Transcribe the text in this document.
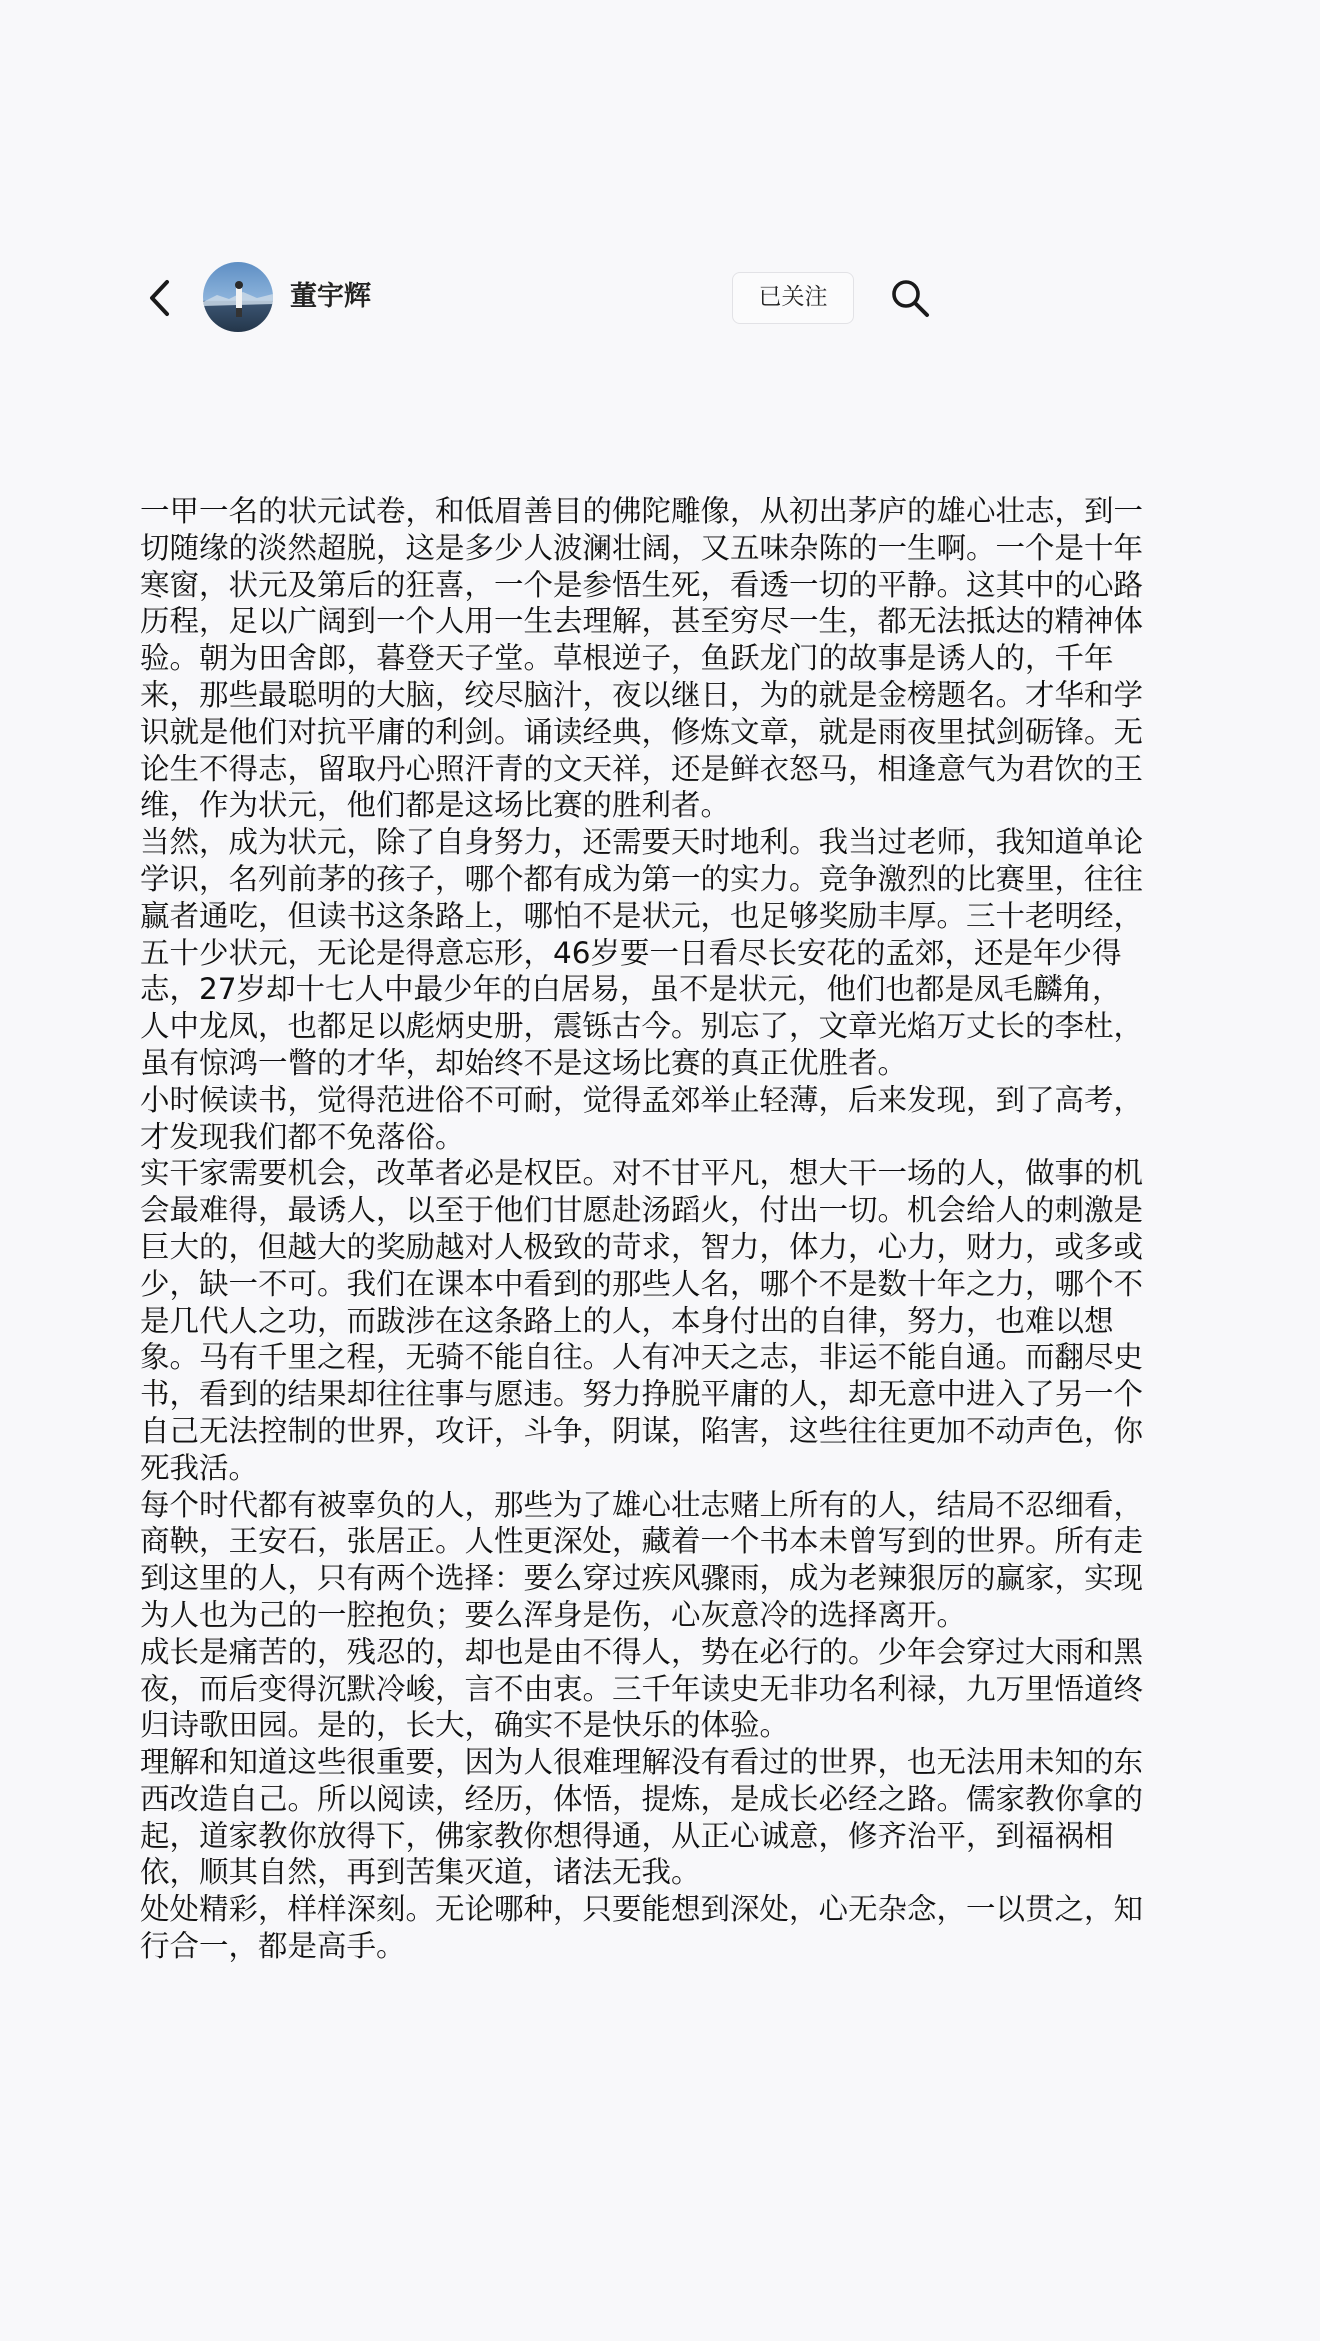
董宇辉	已关注

一甲一名的状元试卷，和低眉善目的佛陀雕像，从初出茅庐的雄心壮志，到一切随缘的淡然超脱，这是多少人波澜壮阔，又五味杂陈的一生啊。一个是十年寒窗，状元及第后的狂喜，一个是参悟生死，看透一切的平静。这其中的心路历程，足以广阔到一个人用一生去理解，甚至穷尽一生，都无法抵达的精神体验。朝为田舍郎，暮登天子堂。草根逆子，鱼跃龙门的故事是诱人的，千年来，那些最聪明的大脑，绞尽脑汁，夜以继日，为的就是金榜题名。才华和学识就是他们对抗平庸的利剑。诵读经典，修炼文章，就是雨夜里拭剑砺锋。无论生不得志，留取丹心照汗青的文天祥，还是鲜衣怒马，相逢意气为君饮的王维，作为状元，他们都是这场比赛的胜利者。

当然，成为状元，除了自身努力，还需要天时地利。我当过老师，我知道单论学识，名列前茅的孩子，哪个都有成为第一的实力。竞争激烈的比赛里，往往赢者通吃，但读书这条路上，哪怕不是状元，也足够奖励丰厚。三十老明经，五十少状元，无论是得意忘形，46岁要一日看尽长安花的孟郊，还是年少得志，27岁却十七人中最少年的白居易，虽不是状元，他们也都是凤毛麟角，人中龙凤，也都足以彪炳史册，震铄古今。别忘了，文章光焰万丈长的李杜，虽有惊鸿一瞥的才华，却始终不是这场比赛的真正优胜者。

小时候读书，觉得范进俗不可耐，觉得孟郊举止轻薄，后来发现，到了高考，才发现我们都不免落俗。

实干家需要机会，改革者必是权臣。对不甘平凡，想大干一场的人，做事的机会最难得，最诱人，以至于他们甘愿赴汤蹈火，付出一切。机会给人的刺激是巨大的，但越大的奖励越对人极致的苛求，智力，体力，心力，财力，或多或少，缺一不可。我们在课本中看到的那些人名，哪个不是数十年之力，哪个不是几代人之功，而跋涉在这条路上的人，本身付出的自律，努力，也难以想象。马有千里之程，无骑不能自往。人有冲天之志，非运不能自通。而翻尽史书，看到的结果却往往事与愿违。努力挣脱平庸的人，却无意中进入了另一个自己无法控制的世界，攻讦，斗争，阴谋，陷害，这些往往更加不动声色，你死我活。

每个时代都有被辜负的人，那些为了雄心壮志赌上所有的人，结局不忍细看，商鞅，王安石，张居正。人性更深处，藏着一个书本未曾写到的世界。所有走到这里的人，只有两个选择：要么穿过疾风骤雨，成为老辣狠厉的赢家，实现为人也为己的一腔抱负；要么浑身是伤，心灰意冷的选择离开。

成长是痛苦的，残忍的，却也是由不得人，势在必行的。少年会穿过大雨和黑夜，而后变得沉默冷峻，言不由衷。三千年读史无非功名利禄，九万里悟道终归诗歌田园。是的，长大，确实不是快乐的体验。

理解和知道这些很重要，因为人很难理解没有看过的世界，也无法用未知的东西改造自己。所以阅读，经历，体悟，提炼，是成长必经之路。儒家教你拿的起，道家教你放得下，佛家教你想得通，从正心诚意，修齐治平，到福祸相依，顺其自然，再到苦集灭道，诸法无我。

处处精彩，样样深刻。无论哪种，只要能想到深处，心无杂念，一以贯之，知行合一，都是高手。
